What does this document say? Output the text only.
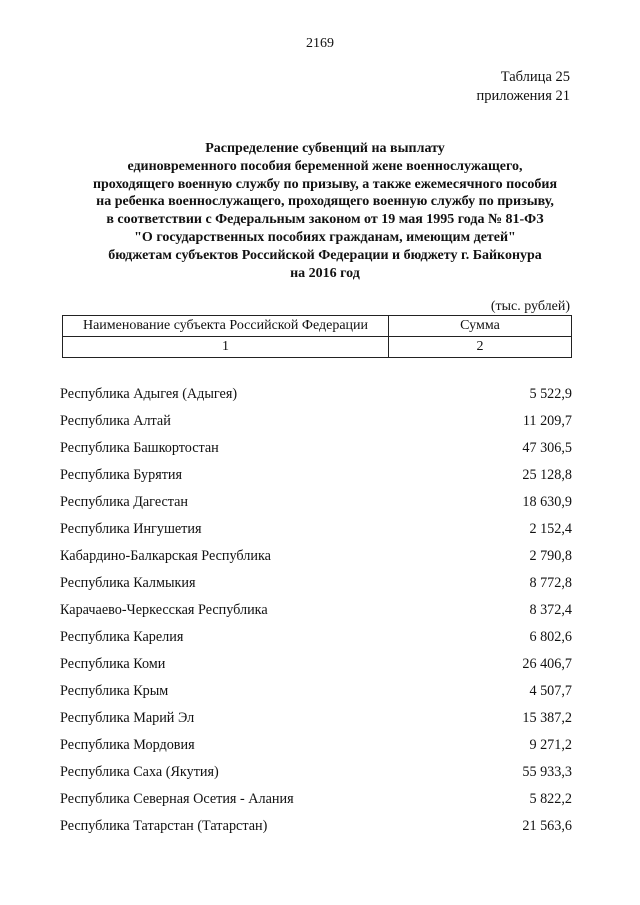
2169
Таблица 25
приложения 21
Распределение субвенций на выплату
единовременного пособия беременной жене военнослужащего,
проходящего военную службу по призыву, а также ежемесячного пособия
на ребенка военнослужащего, проходящего военную службу по призыву,
в соответствии с Федеральным законом от 19 мая 1995 года № 81-ФЗ
"О государственных пособиях гражданам, имеющим детей"
бюджетам субъектов Российской Федерации и бюджету г. Байконура
на 2016 год
(тыс. рублей)
Наименование субъекта Российской Федерации	Сумма
1	2
Республика Адыгея (Адыгея)	5 522,9
Республика Алтай	11 209,7
Республика Башкортостан	47 306,5
Республика Бурятия	25 128,8
Республика Дагестан	18 630,9
Республика Ингушетия	2 152,4
Кабардино-Балкарская Республика	2 790,8
Республика Калмыкия	8 772,8
Карачаево-Черкесская Республика	8 372,4
Республика Карелия	6 802,6
Республика Коми	26 406,7
Республика Крым	4 507,7
Республика Марий Эл	15 387,2
Республика Мордовия	9 271,2
Республика Саха (Якутия)	55 933,3
Республика Северная Осетия - Алания	5 822,2
Республика Татарстан (Татарстан)	21 563,6
